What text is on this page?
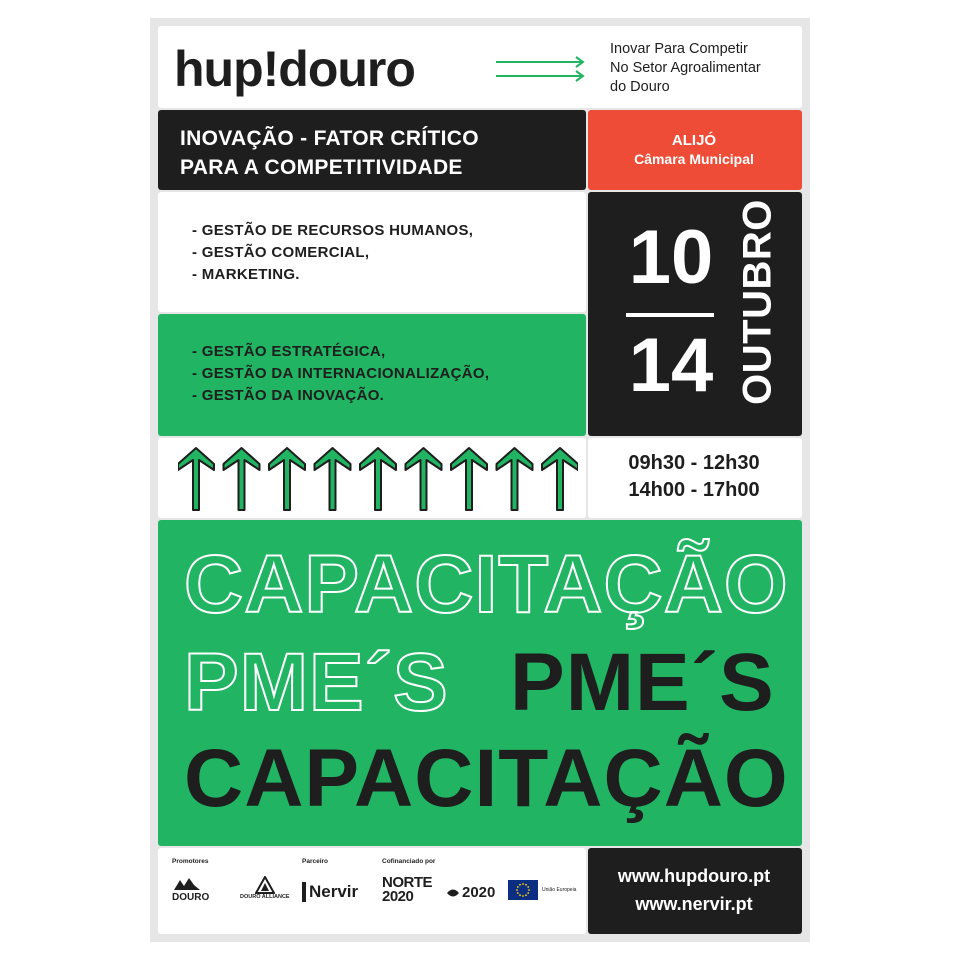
hup!douro	Inovar Para Competir
No Setor Agroalimentar
do Douro
INOVAÇÃO - FATOR CRÍTICO
PARA A COMPETITIVIDADE
ALIJÓ
Câmara Municipal
- GESTÃO DE RECURSOS HUMANOS,
- GESTÃO COMERCIAL,
- MARKETING.
- GESTÃO ESTRATÉGICA,
- GESTÃO DA INTERNACIONALIZAÇÃO,
- GESTÃO DA INOVAÇÃO.
10
14 OUTUBRO
09h30 - 12h30
14h00 - 17h00
CAPACITAÇÃO
PME´S PME´S
CAPACITAÇÃO
Promotores	Parceiro	Cofinanciado por
DOURO	DOURO ALLIANCE	Nervir NORTE 2020	2020	União Europeia
www.hupdouro.pt
www.nervir.pt
